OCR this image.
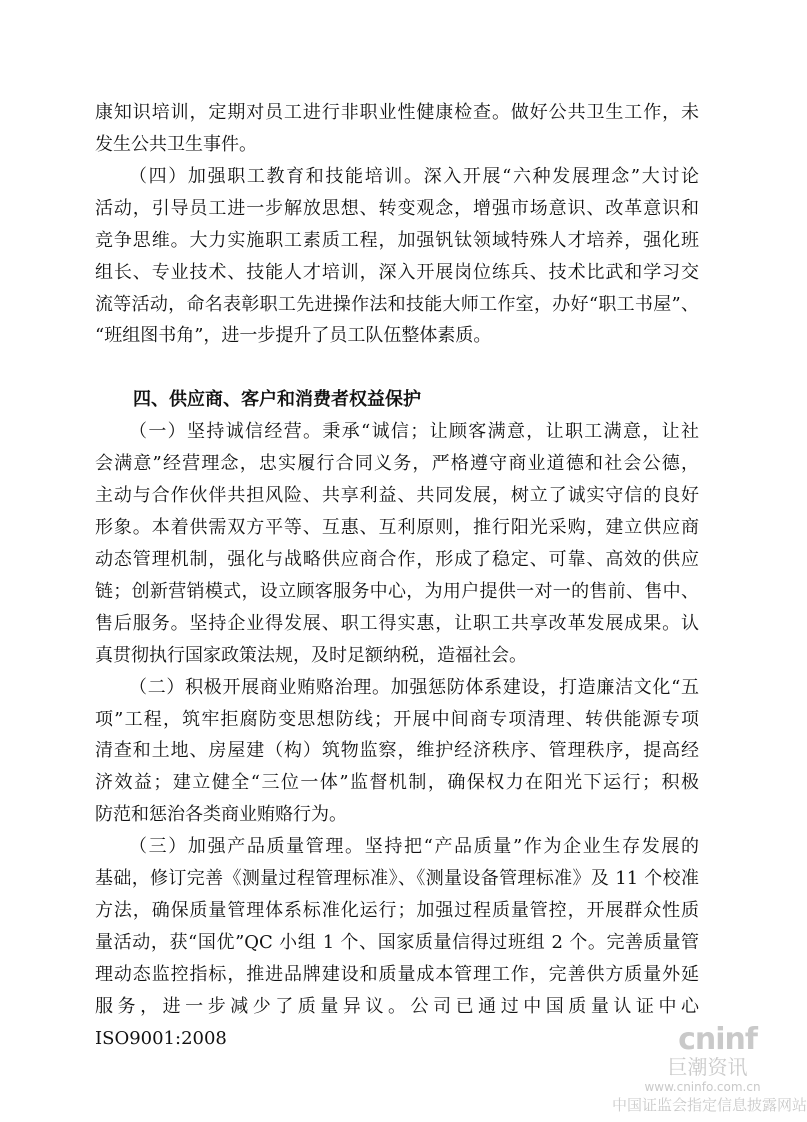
康知识培训，定期对员工进行非职业性健康检查。做好公共卫生工作，未
发生公共卫生事件。
（四）加强职工教育和技能培训。深入开展“六种发展理念”大讨论
活动，引导员工进一步解放思想、转变观念，增强市场意识、改革意识和
竞争思维。大力实施职工素质工程，加强钒钛领域特殊人才培养，强化班
组长、专业技术、技能人才培训，深入开展岗位练兵、技术比武和学习交
流等活动，命名表彰职工先进操作法和技能大师工作室，办好“职工书屋”、
“班组图书角”，进一步提升了员工队伍整体素质。
四、供应商、客户和消费者权益保护
（一）坚持诚信经营。秉承“诚信；让顾客满意，让职工满意，让社
会满意”经营理念，忠实履行合同义务，严格遵守商业道德和社会公德，
主动与合作伙伴共担风险、共享利益、共同发展，树立了诚实守信的良好
形象。本着供需双方平等、互惠、互利原则，推行阳光采购，建立供应商
动态管理机制，强化与战略供应商合作，形成了稳定、可靠、高效的供应
链；创新营销模式，设立顾客服务中心，为用户提供一对一的售前、售中、
售后服务。坚持企业得发展、职工得实惠，让职工共享改革发展成果。认
真贯彻执行国家政策法规，及时足额纳税，造福社会。
（二）积极开展商业贿赂治理。加强惩防体系建设，打造廉洁文化“五
项”工程，筑牢拒腐防变思想防线；开展中间商专项清理、转供能源专项
清查和土地、房屋建（构）筑物监察，维护经济秩序、管理秩序，提高经
济效益；建立健全“三位一体”监督机制，确保权力在阳光下运行；积极
防范和惩治各类商业贿赂行为。
（三）加强产品质量管理。坚持把“产品质量”作为企业生存发展的
基础，修订完善《测量过程管理标准》、《测量设备管理标准》及 11 个校准
方法，确保质量管理体系标准化运行；加强过程质量管控，开展群众性质
量活动，获“国优”QC 小组 1 个、国家质量信得过班组 2 个。完善质量管
理动态监控指标，推进品牌建设和质量成本管理工作，完善供方质量外延
服务，进一步减少了质量异议。公司已通过中国质量认证中心 ISO9001:2008	cninf
巨潮资讯
www.cninfo.com.cn
中国证监会指定信息披露网站
